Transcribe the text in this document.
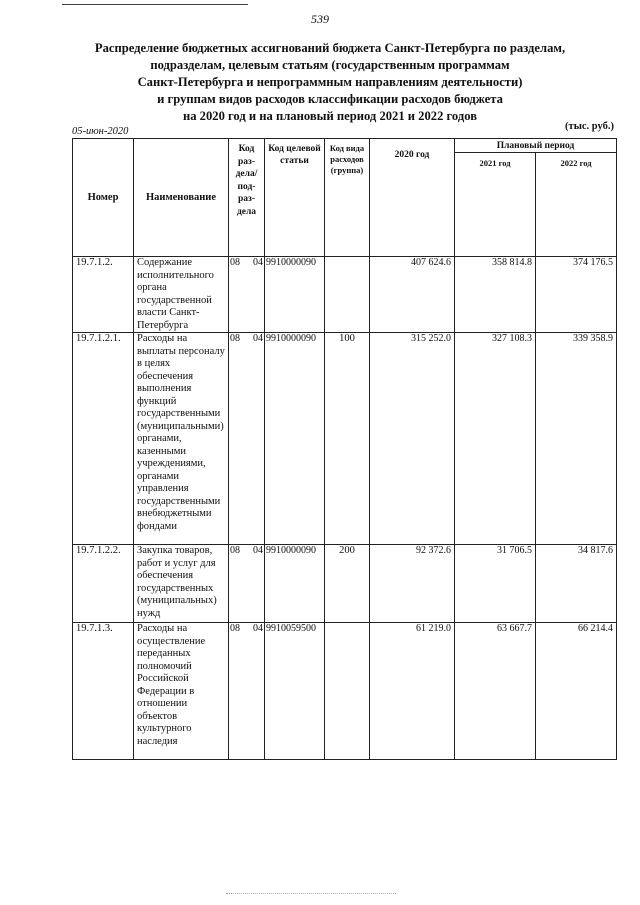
539
Распределение бюджетных ассигнований бюджета Санкт-Петербурга по разделам,
подразделам, целевым статьям (государственным программам
Санкт-Петербурга и непрограммным направлениям деятельности)
и группам видов расходов классификации расходов бюджета
на 2020 год и на плановый период 2021 и 2022 годов
05-июн-2020	(тыс. руб.)
Номер	Наименование	Код раз-дела/ под-раз-дела	Код целевой статьи	Код вида расходов (группа)	2020 год	Плановый период	
						2021 год	2022 год
19.7.1.2.	Содержание исполнительного органа государственной власти Санкт-Петербурга	08 04	9910000090		407 624.6	358 814.8	374 176.5
19.7.1.2.1.	Расходы на выплаты персоналу в целях обеспечения выполнения функций государственными (муниципальными) органами, казенными учреждениями, органами управления государственными внебюджетными фондами	08 04	9910000090	100	315 252.0	327 108.3	339 358.9
19.7.1.2.2.	Закупка товаров, работ и услуг для обеспечения государственных (муниципальных) нужд	08 04	9910000090	200	92 372.6	31 706.5	34 817.6
19.7.1.3.	Расходы на осуществление переданных полномочий Российской Федерации в отношении объектов культурного наследия	08 04	9910059500		61 219.0	63 667.7	66 214.4
